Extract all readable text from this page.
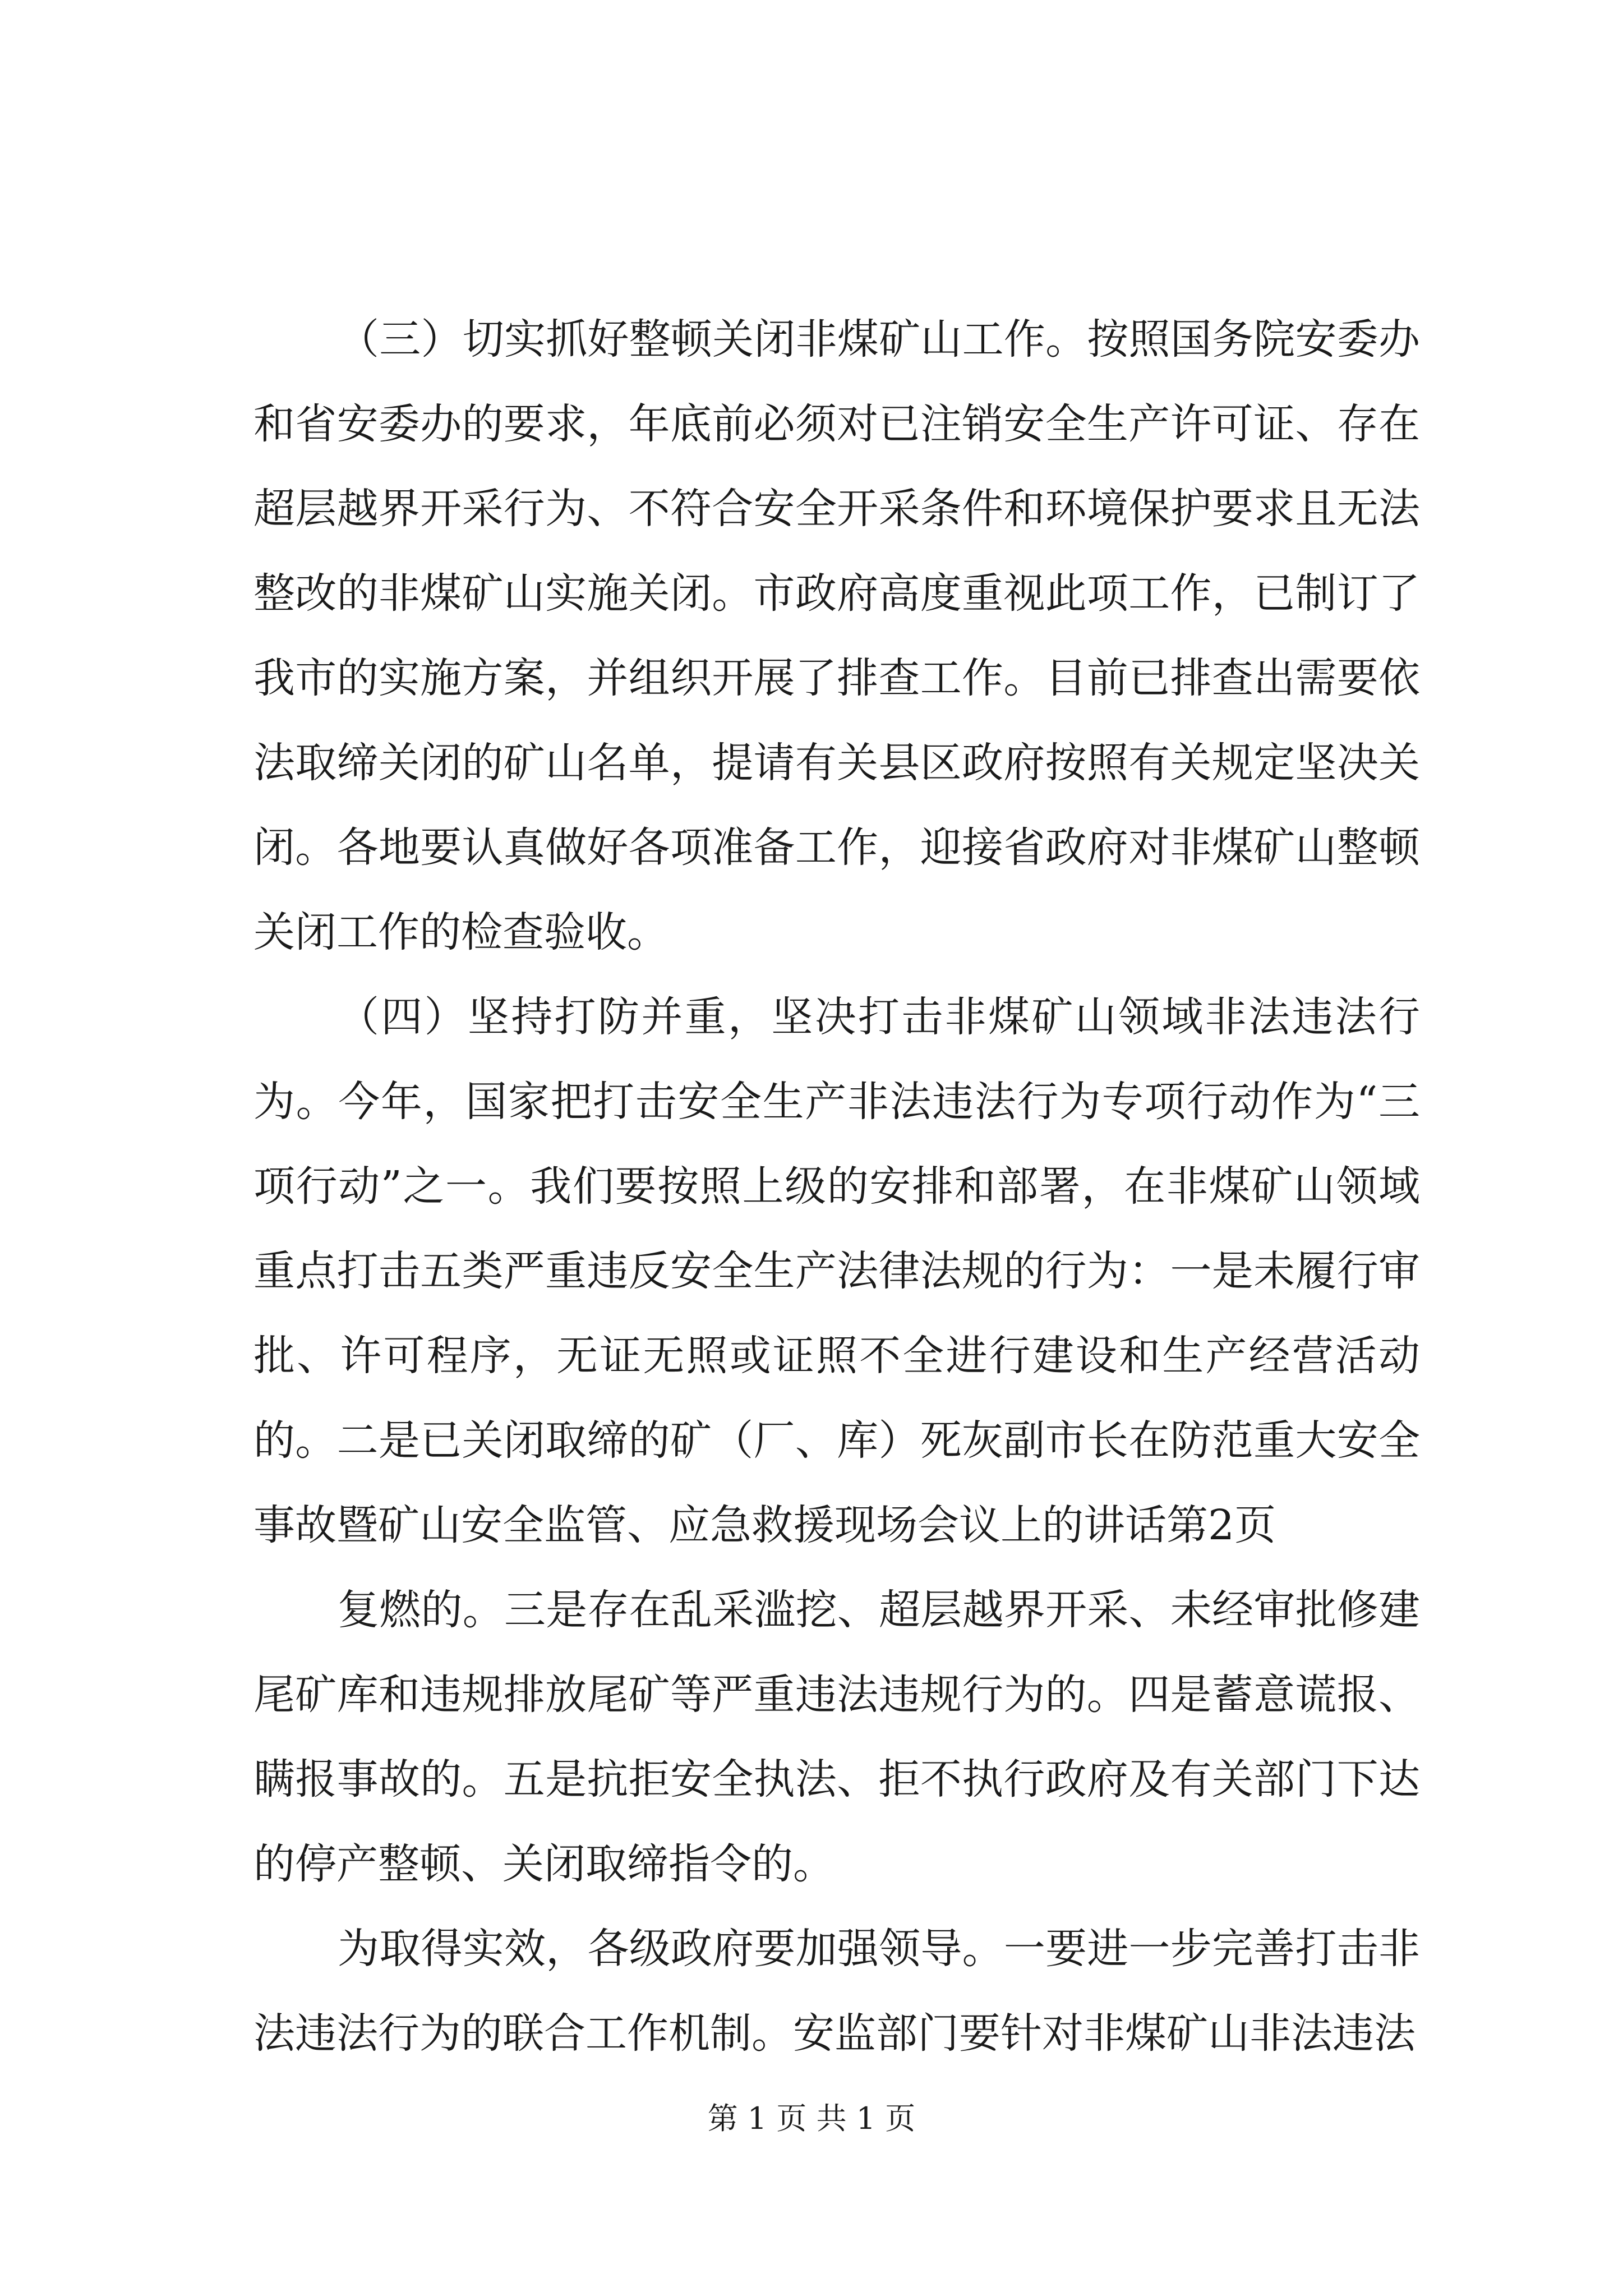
（三）切实抓好整顿关闭非煤矿山工作。按照国务院安委办和省安委办的要求，年底前必须对已注销安全生产许可证、存在超层越界开采行为、不符合安全开采条件和环境保护要求且无法整改的非煤矿山实施关闭。市政府高度重视此项工作，已制订了我市的实施方案，并组织开展了排查工作。目前已排查出需要依法取缔关闭的矿山名单，提请有关县区政府按照有关规定坚决关闭。各地要认真做好各项准备工作，迎接省政府对非煤矿山整顿关闭工作的检查验收。

（四）坚持打防并重，坚决打击非煤矿山领域非法违法行为。今年，国家把打击安全生产非法违法行为专项行动作为“三项行动”之一。我们要按照上级的安排和部署，在非煤矿山领域重点打击五类严重违反安全生产法律法规的行为：一是未履行审批、许可程序，无证无照或证照不全进行建设和生产经营活动的。二是已关闭取缔的矿（厂、库）死灰副市长在防范重大安全事故暨矿山安全监管、应急救援现场会议上的讲话第2页

复燃的。三是存在乱采滥挖、超层越界开采、未经审批修建尾矿库和违规排放尾矿等严重违法违规行为的。四是蓄意谎报、瞒报事故的。五是抗拒安全执法、拒不执行政府及有关部门下达的停产整顿、关闭取缔指令的。

为取得实效，各级政府要加强领导。一要进一步完善打击非法违法行为的联合工作机制。安监部门要针对非煤矿山非法违法

第 1 页 共 1 页
